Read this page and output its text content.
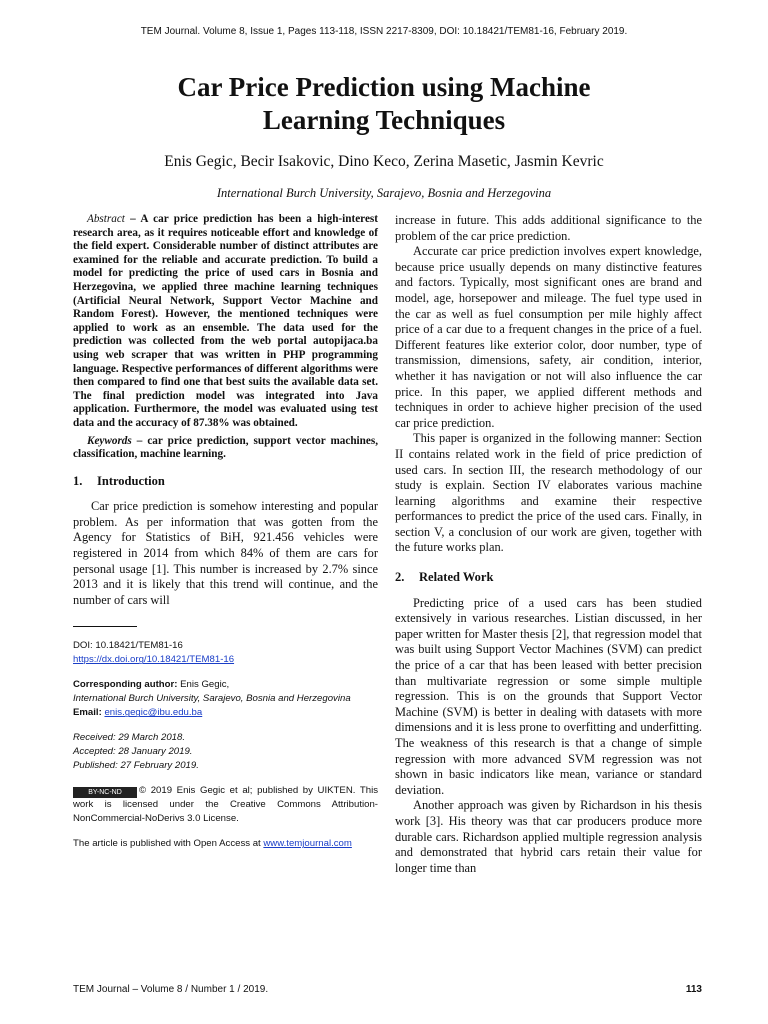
TEM Journal. Volume 8, Issue 1, Pages 113-118, ISSN 2217-8309, DOI: 10.18421/TEM81-16, February 2019.
Car Price Prediction using Machine
Learning Techniques
Enis Gegic, Becir Isakovic, Dino Keco, Zerina Masetic, Jasmin Kevric
International Burch University, Sarajevo, Bosnia and Herzegovina

Abstract – A car price prediction has been a high-interest research area, as it requires noticeable effort and knowledge of the field expert. Considerable number of distinct attributes are examined for the reliable and accurate prediction. To build a model for predicting the price of used cars in Bosnia and Herzegovina, we applied three machine learning techniques (Artificial Neural Network, Support Vector Machine and Random Forest). However, the mentioned techniques were applied to work as an ensemble. The data used for the prediction was collected from the web portal autopijaca.ba using web scraper that was written in PHP programming language. Respective performances of different algorithms were then compared to find one that best suits the available data set. The final prediction model was integrated into Java application. Furthermore, the model was evaluated using test data and the accuracy of 87.38% was obtained.

Keywords – car price prediction, support vector machines, classification, machine learning.

1. Introduction

Car price prediction is somehow interesting and popular problem. As per information that was gotten from the Agency for Statistics of BiH, 921.456 vehicles were registered in 2014 from which 84% of them are cars for personal usage [1]. This number is increased by 2.7% since 2013 and it is likely that this trend will continue, and the number of cars will

DOI: 10.18421/TEM81-16
https://dx.doi.org/10.18421/TEM81-16
Corresponding author: Enis Gegic,
International Burch University, Sarajevo, Bosnia and Herzegovina
Email: enis.gegic@ibu.edu.ba
Received: 29 March 2018.
Accepted: 28 January 2019.
Published: 27 February 2019.
BY-NC-ND © 2019 Enis Gegic et al; published by UIKTEN. This work is licensed under the Creative Commons Attribution-NonCommercial-NoDerivs 3.0 License.
The article is published with Open Access at www.temjournal.com

increase in future. This adds additional significance to the problem of the car price prediction.

Accurate car price prediction involves expert knowledge, because price usually depends on many distinctive features and factors. Typically, most significant ones are brand and model, age, horsepower and mileage. The fuel type used in the car as well as fuel consumption per mile highly affect price of a car due to a frequent changes in the price of a fuel. Different features like exterior color, door number, type of transmission, dimensions, safety, air condition, interior, whether it has navigation or not will also influence the car price. In this paper, we applied different methods and techniques in order to achieve higher precision of the used car price prediction.

This paper is organized in the following manner: Section II contains related work in the field of price prediction of used cars. In section III, the research methodology of our study is explain. Section IV elaborates various machine learning algorithms and examine their respective performances to predict the price of the used cars. Finally, in section V, a conclusion of our work are given, together with the future works plan.

2. Related Work

Predicting price of a used cars has been studied extensively in various researches. Listian discussed, in her paper written for Master thesis [2], that regression model that was built using Support Vector Machines (SVM) can predict the price of a car that has been leased with better precision than multivariate regression or some simple multiple regression. This is on the grounds that Support Vector Machine (SVM) is better in dealing with datasets with more dimensions and it is less prone to overfitting and underfitting. The weakness of this research is that a change of simple regression with more advanced SVM regression was not shown in basic indicators like mean, variance or standard deviation.

Another approach was given by Richardson in his thesis work [3]. His theory was that car producers produce more durable cars. Richardson applied multiple regression analysis and demonstrated that hybrid cars retain their value for longer time than

TEM Journal – Volume 8 / Number 1 / 2019.	113
